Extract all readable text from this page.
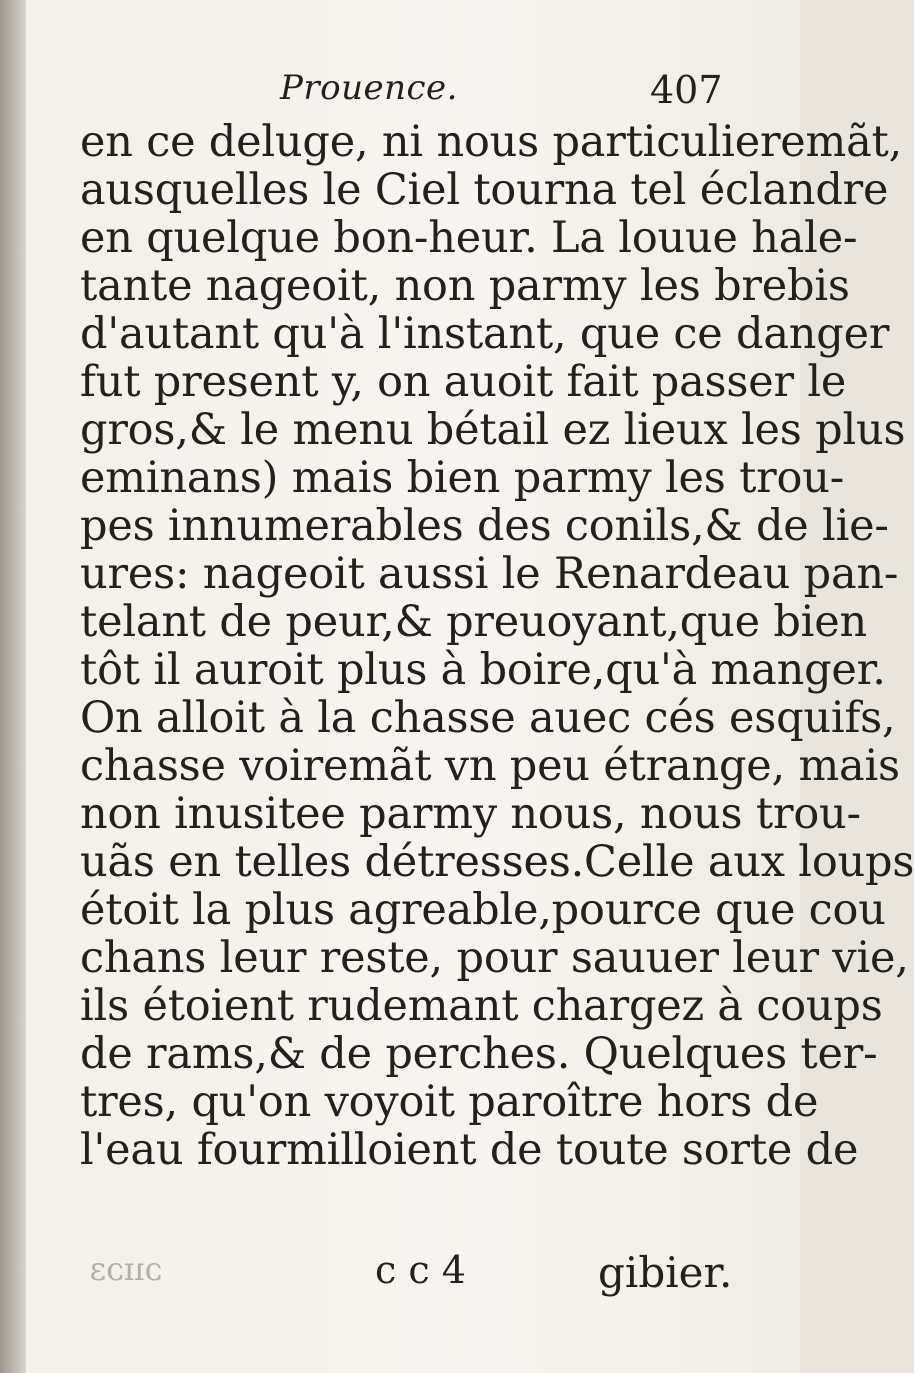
Prouence.	407
en ce deluge, ni nous particulieremãt,
ausquelles le Ciel tourna tel éclandre
en quelque bon-heur. La louue hale-
tante nageoit, non parmy les brebis
d'autant qu'à l'instant, que ce danger
fut present y, on auoit fait passer le
gros,& le menu bétail ez lieux les plus
eminans) mais bien parmy les trou-
pes innumerables des conils,& de lie-
ures: nageoit aussi le Renardeau pan-
telant de peur,& preuoyant,que bien
tôt il auroit plus à boire,qu'à manger.
On alloit à la chasse auec cés esquifs,
chasse voiremãt vn peu étrange, mais
non inusitee parmy nous, nous trou-
uãs en telles détresses.Celle aux loups
étoit la plus agreable,pource que cou
chans leur reste, pour sauuer leur vie,
ils étoient rudemant chargez à coups
de rams,& de perches. Quelques ter-
tres, qu'on voyoit paroître hors de
l'eau fourmilloient de toute sorte de
ɔıɪɔɜ	c c 4	gibier.
